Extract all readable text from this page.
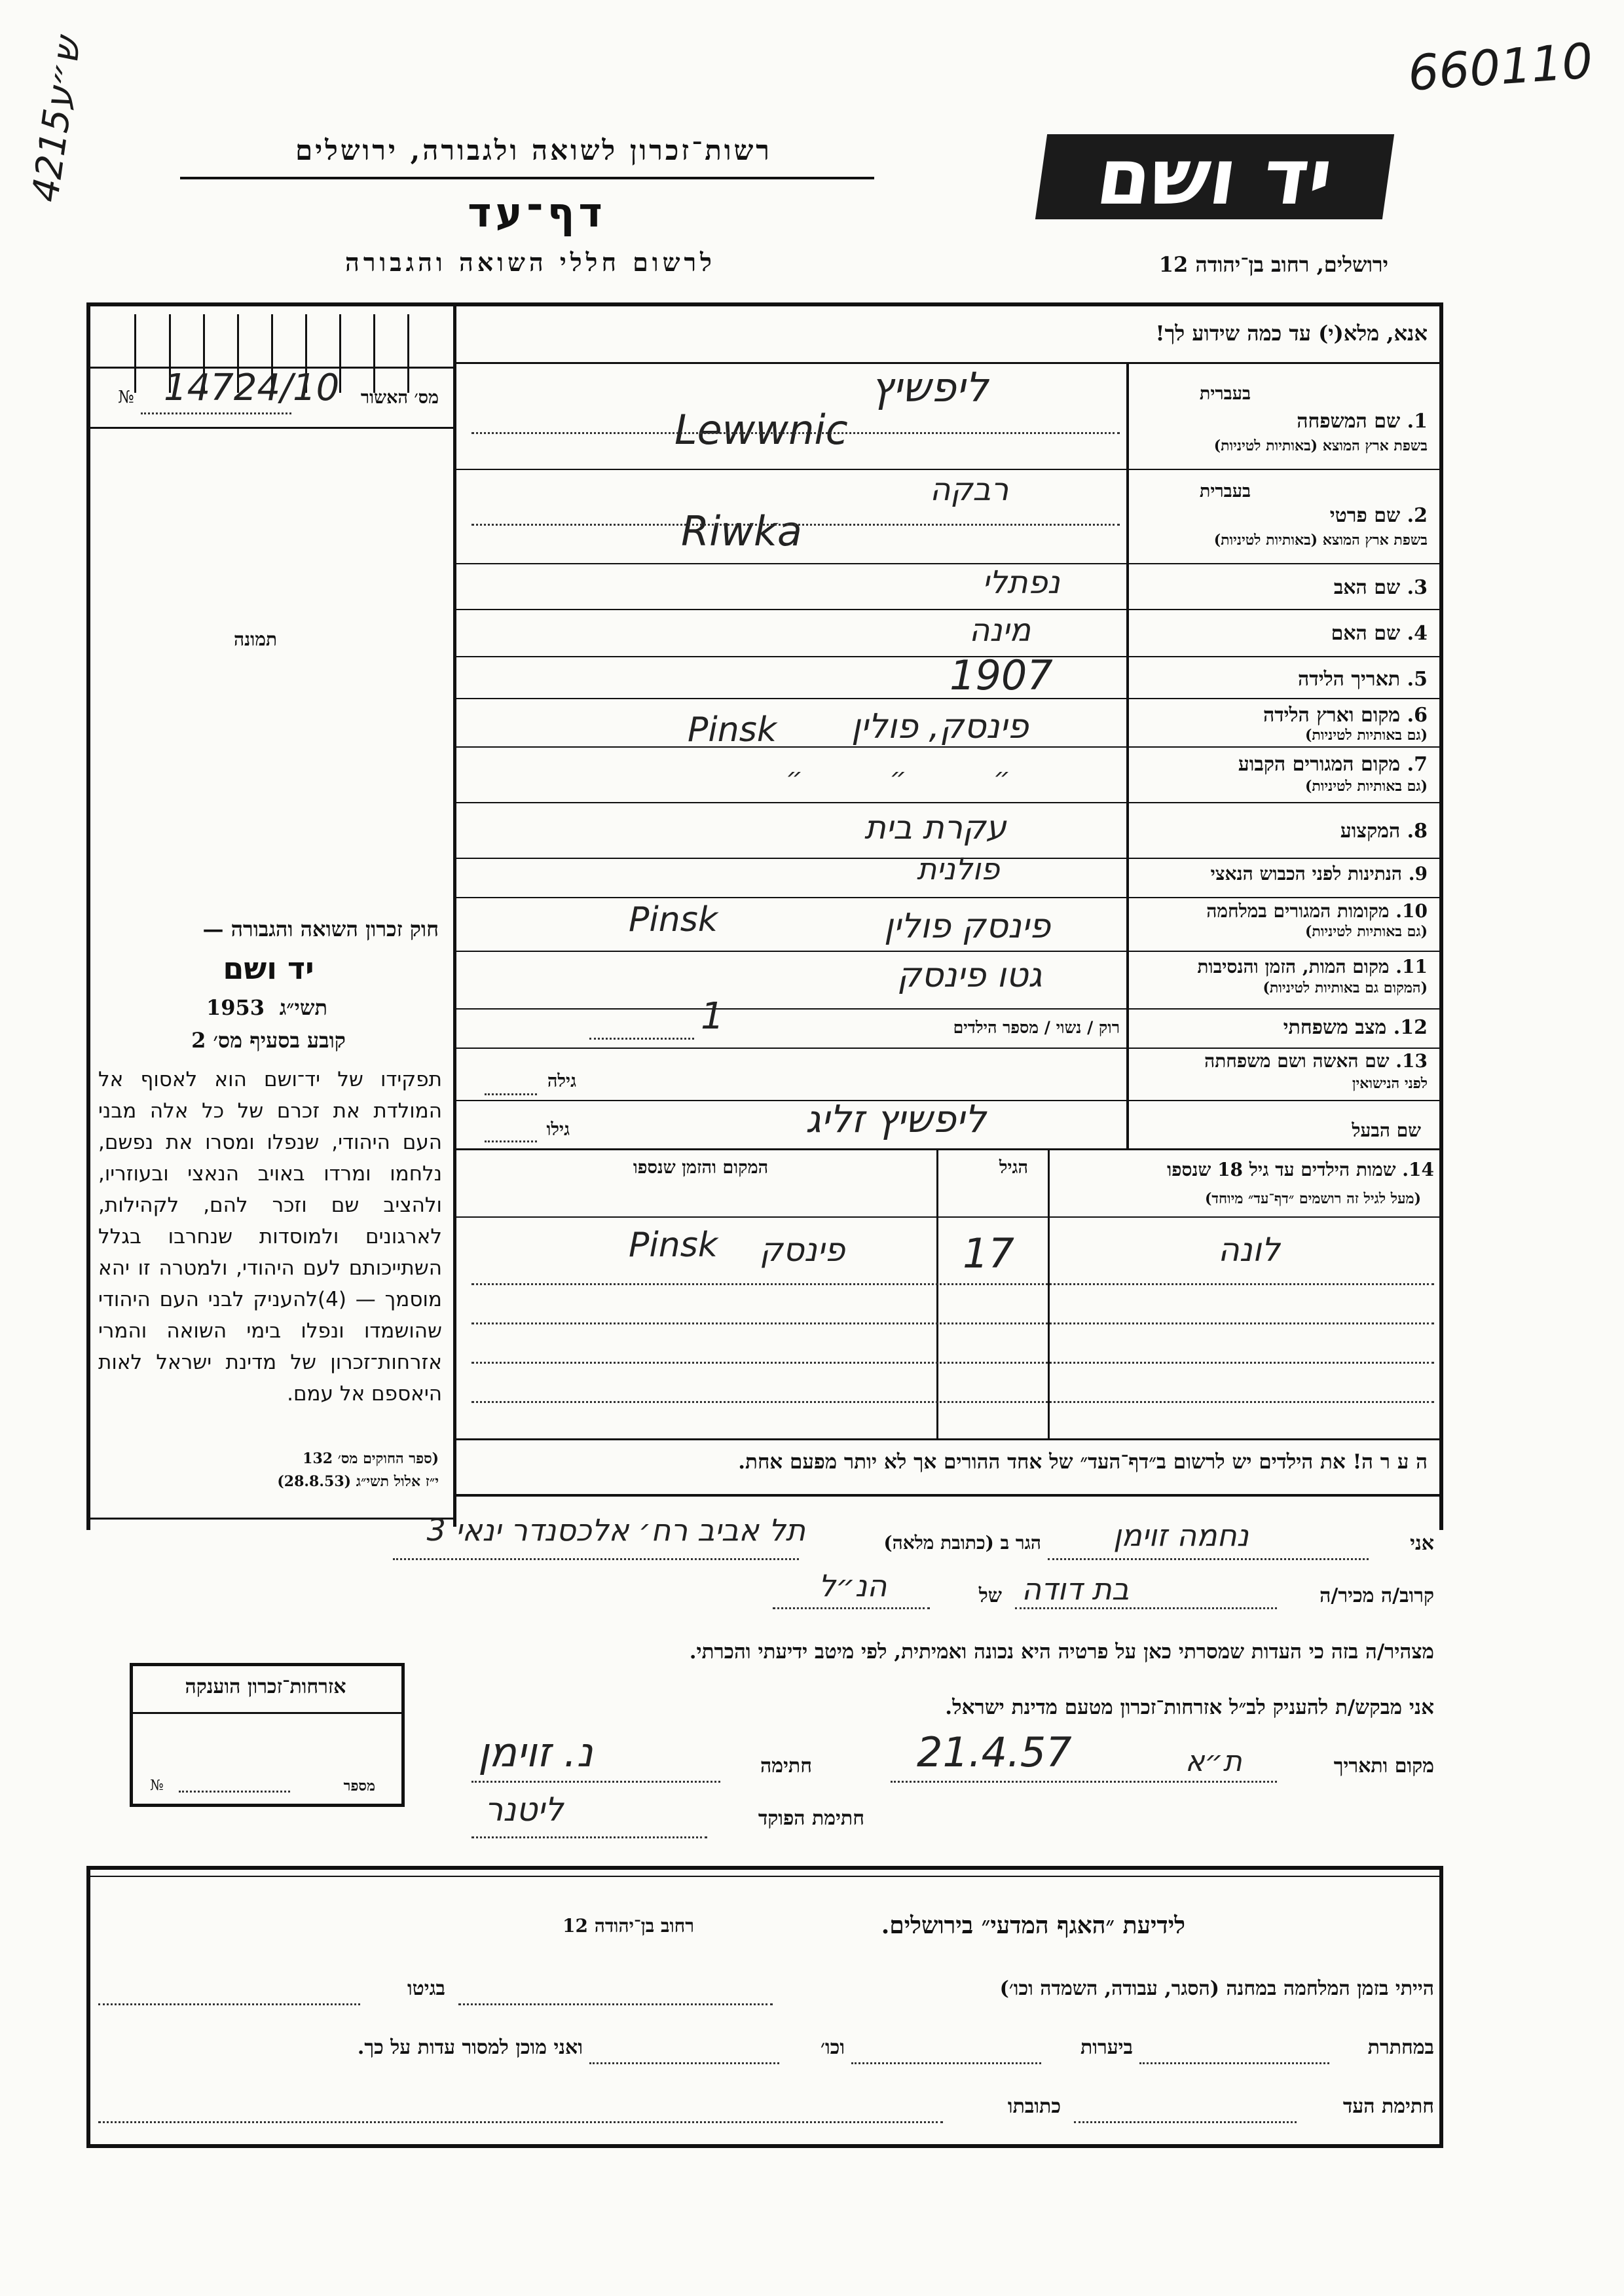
660110
ש״ע4215
רשות־זכרון לשואה ולגבורה, ירושלים
דף־עד
לרשום חללי השואה והגבורה
יד ושם
ירושלים, רחוב בן־יהודה 12
אנא, מלא(י) עד כמה שידוע לך!
מס׳ האשור
№ 14724/10
תמונה
1. שם המשפחה
בשפת ארץ המוצא (באותיות לטיניות)
בעברית
ליפשיץ
Lewwnic
בעברית
2. שם פרטי
בשפת ארץ המוצא (באותיות לטיניות)
רבקה
Riwka
3. שם האב
נפתלי
4. שם האם
מינה
5. תאריך הלידה
1907
6. מקום וארץ הלידה
(גם באותיות לטיניות)
פינסק, פולין
Pinsk
7. מקום המגורים הקבוע
(גם באותיות לטיניות)
״ ״ ״
8. המקצוע
עקרת בית
9. הנתינות לפני הכבוש הנאצי
פולנית
10. מקומות המגורים במלחמה
(גם באותיות לטיניות)
פינסק פולין
Pinsk
11. מקום המות, הזמן והנסיבות
(המקום גם באותיות לטיניות)
גטו פינסק
12. מצב משפחתי
רוק / נשוי / מספר הילדים
1
13. שם האשה ושם משפחתה
לפני הנישואין
גילה
שם הבעל
גילו	ליפשיץ זליג
14. שמות הילדים עד גיל 18 שנספו
(מעל לגיל זה רושמים ״דף־עד״ מיוחד)
הגיל
המקום והזמן שנספו
לונה
17
פינסק
Pinsk
ה ע ר ה! את הילדים יש לרשום ב״דף־העד״ של אחד ההורים אך לא יותר מפעם אחת.
חוק זכרון השואה והגבורה —
יד ושם
תשי״ג
1953
קובע בסעיף מס׳ 2
תפקידו של יד־ושם הוא לאסוף אל המולדת את זכרם של כל אלה מבני העם היהודי, שנפלו ומסרו את נפשם, נלחמו ומרדו באויב הנאצי ובעוזריו, ולהציב שם וזכר להם, לקהילות, לארגונים ולמוסדות שנחרבו בגלל השתייכותם לעם היהודי, ולמטרה זו יהא מוסמך — (4)להעניק לבני העם היהודי שהושמדו ונפלו בימי השואה והמרי אזרחות־זכרון של מדינת ישראל לאות היאספם אל עמם.
(ספר החוקים מס׳ 132
י״ז אלול תשי״ג (28.8.53)
אני
נחמה זוימן
הגר ב (כתובת מלאה)
תל אביב רח׳ אלכסנדר ינאי 3
קרוב/ה מכיר/ה
בת דודה
של
הנ״ל
מצהיר/ה בזה כי העדות שמסרתי כאן על פרטיה היא נכונה ואמיתית, לפי מיטב ידיעתי והכרתי.
אני מבקש/ת להעניק לב״ל אזרחות־זכרון מטעם מדינת ישראל.
מקום ותאריך
ת״א
21.4.57
חתימה
נ. זוימן
חתימת הפוקד
ליטנר
אזרחות־זכרון הוענקה
מספר
№
לידיעת ״האגף המדעי״ בירושלים.
רחוב בן־יהודה 12
הייתי בזמן המלחמה במחנה (הסגר, עבודה, השמדה וכו׳)
בגיטו
במחתרת
ביערות
וכו׳
ואני מוכן למסור עדות על כך.
חתימת העד
כתובתו
